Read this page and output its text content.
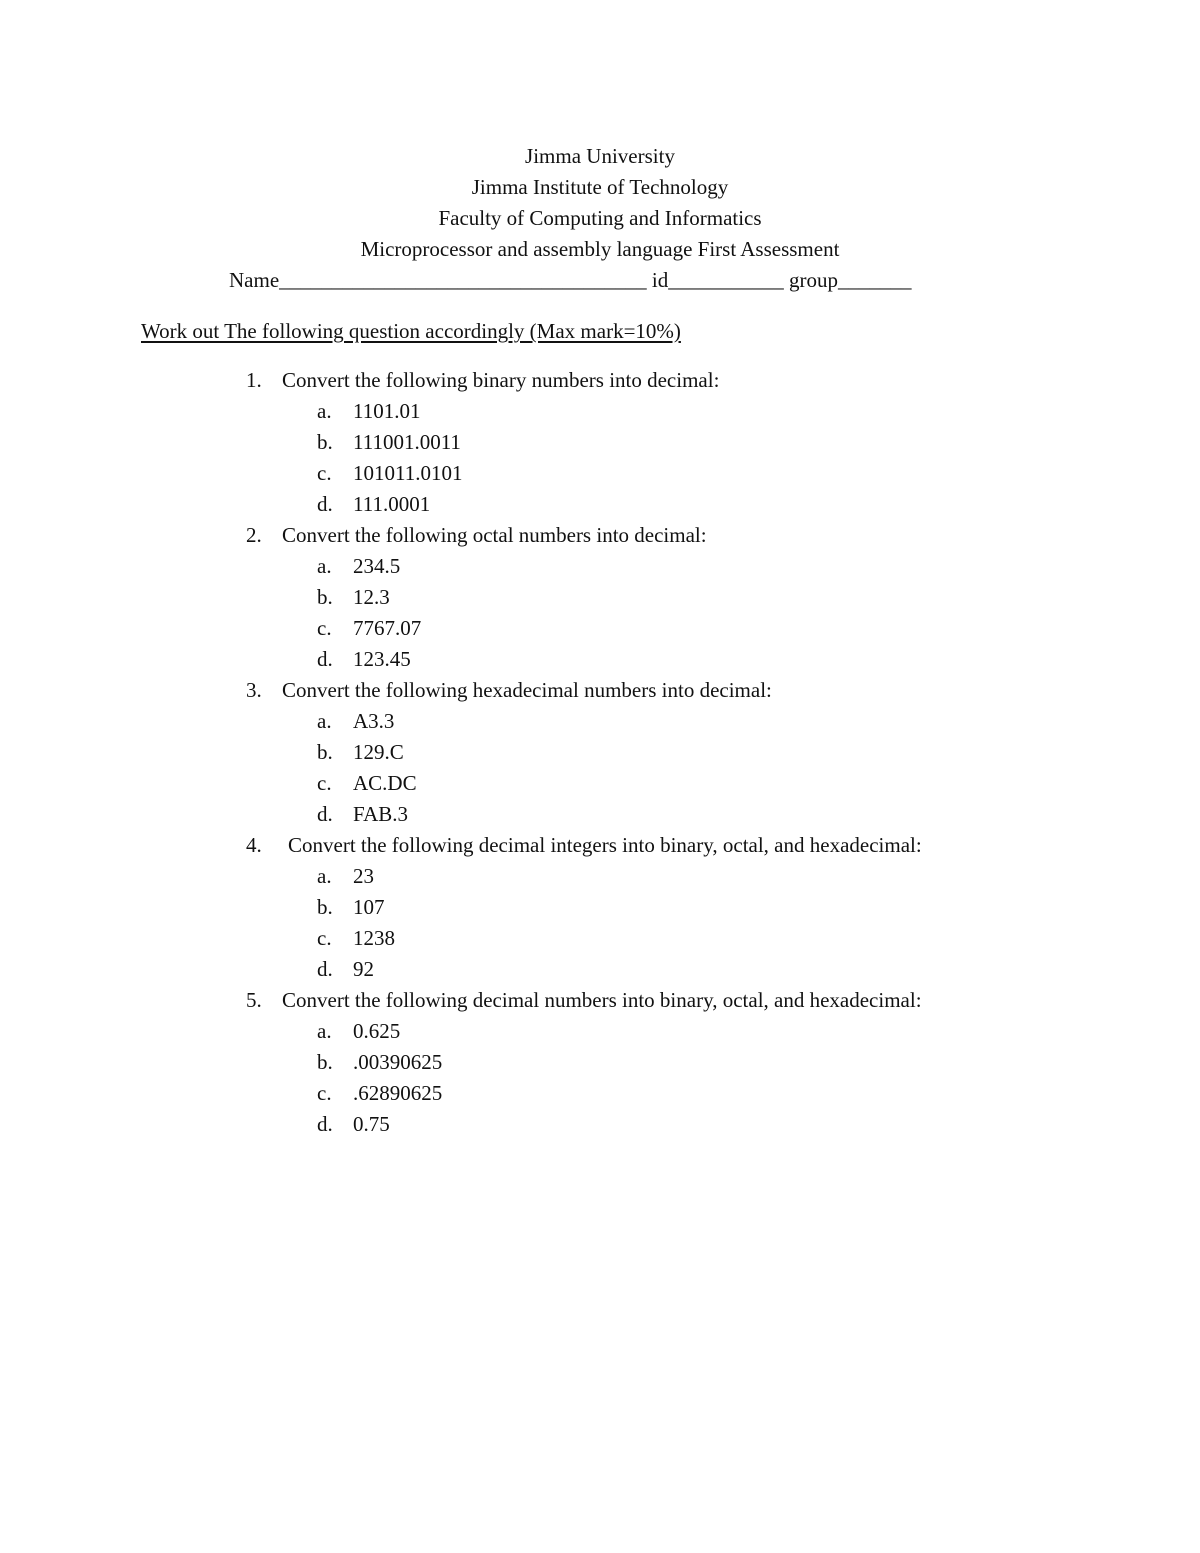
Jimma University
Jimma Institute of Technology
Faculty of Computing and Informatics
Microprocessor and assembly language First Assessment
Name___________________________________ id___________ group_______
Work out The following question accordingly (Max mark=10%)
1. Convert the following binary numbers into decimal:
a. 1101.01
b. 111001.0011
c. 101011.0101
d. 111.0001
2. Convert the following octal numbers into decimal:
a. 234.5
b. 12.3
c. 7767.07
d. 123.45
3. Convert the following hexadecimal numbers into decimal:
a. A3.3
b. 129.C
c. AC.DC
d. FAB.3
4. Convert the following decimal integers into binary, octal, and hexadecimal:
a. 23
b. 107
c. 1238
d. 92
5. Convert the following decimal numbers into binary, octal, and hexadecimal:
a. 0.625
b. .00390625
c. .62890625
d. 0.75
